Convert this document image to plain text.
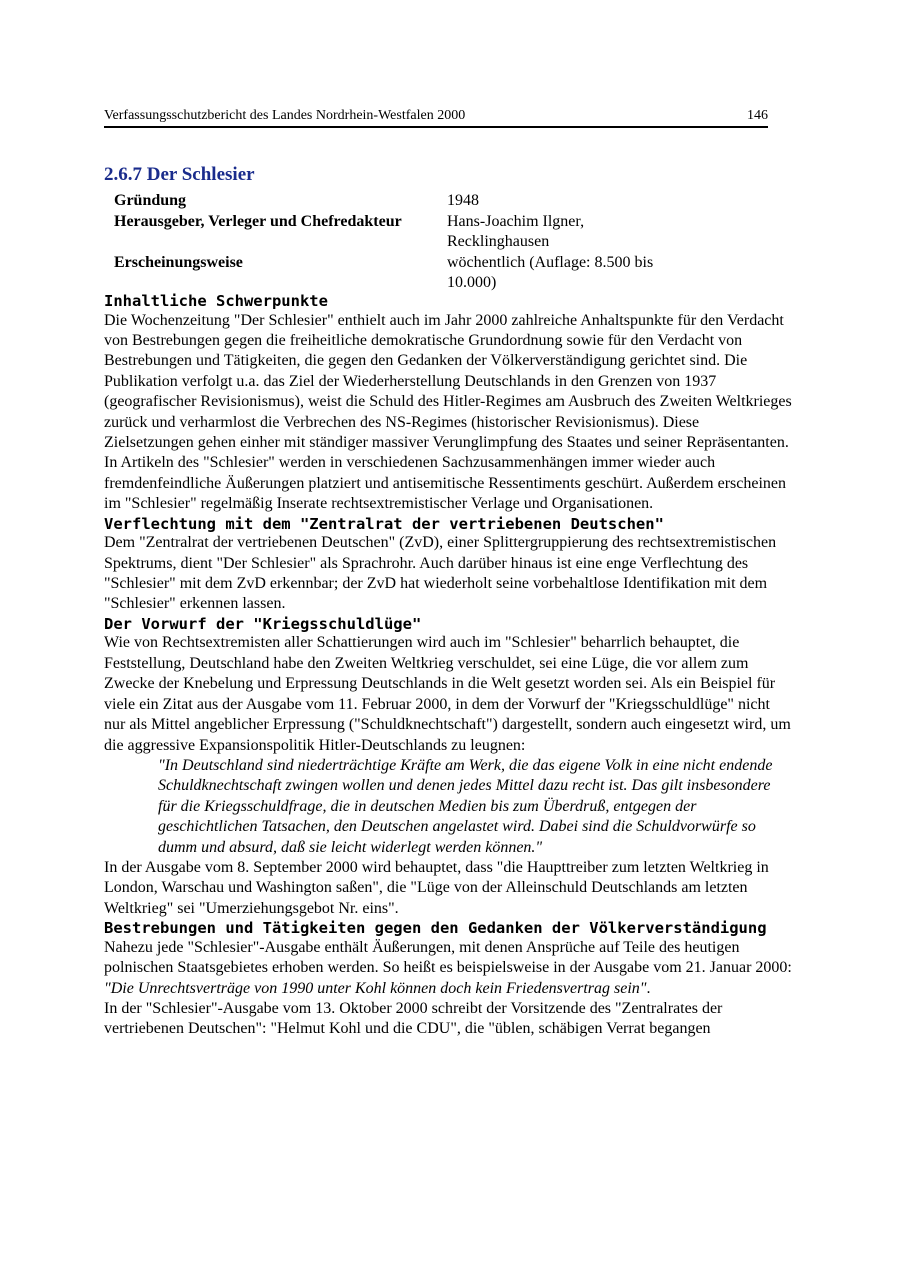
Verfassungsschutzbericht des Landes Nordrhein-Westfalen 2000	146
2.6.7 Der Schlesier
Gründung	1948
Herausgeber, Verleger und Chefredakteur	Hans-Joachim Ilgner, Recklinghausen
Erscheinungsweise	wöchentlich (Auflage: 8.500 bis 10.000)
Inhaltliche Schwerpunkte

Die Wochenzeitung "Der Schlesier" enthielt auch im Jahr 2000 zahlreiche Anhaltspunkte für den Verdacht von Bestrebungen gegen die freiheitliche demokratische Grundordnung sowie für den Verdacht von Bestrebungen und Tätigkeiten, die gegen den Gedanken der Völkerverständigung gerichtet sind. Die Publikation verfolgt u.a. das Ziel der Wiederherstellung Deutschlands in den Grenzen von 1937 (geografischer Revisionismus), weist die Schuld des Hitler-Regimes am Ausbruch des Zweiten Weltkrieges zurück und verharmlost die Verbrechen des NS-Regimes (historischer Revisionismus). Diese Zielsetzungen gehen einher mit ständiger massiver Verunglimpfung des Staates und seiner Repräsentanten. In Artikeln des "Schlesier" werden in verschiedenen Sachzusammenhängen immer wieder auch fremdenfeindliche Äußerungen platziert und antisemitische Ressentiments geschürt. Außerdem erscheinen im "Schlesier" regelmäßig Inserate rechtsextremistischer Verlage und Organisationen.

Verflechtung mit dem "Zentralrat der vertriebenen Deutschen"

Dem "Zentralrat der vertriebenen Deutschen" (ZvD), einer Splittergruppierung des rechtsextremistischen Spektrums, dient "Der Schlesier" als Sprachrohr. Auch darüber hinaus ist eine enge Verflechtung des "Schlesier" mit dem ZvD erkennbar; der ZvD hat wiederholt seine vorbehaltlose Identifikation mit dem "Schlesier" erkennen lassen.

Der Vorwurf der "Kriegsschuldlüge"

Wie von Rechtsextremisten aller Schattierungen wird auch im "Schlesier" beharrlich behauptet, die Feststellung, Deutschland habe den Zweiten Weltkrieg verschuldet, sei eine Lüge, die vor allem zum Zwecke der Knebelung und Erpressung Deutschlands in die Welt gesetzt worden sei. Als ein Beispiel für viele ein Zitat aus der Ausgabe vom 11. Februar 2000, in dem der Vorwurf der "Kriegsschuldlüge" nicht nur als Mittel angeblicher Erpressung ("Schuldknechtschaft") dargestellt, sondern auch eingesetzt wird, um die aggressive Expansionspolitik Hitler-Deutschlands zu leugnen:

"In Deutschland sind niederträchtige Kräfte am Werk, die das eigene Volk in eine nicht endende Schuldknechtschaft zwingen wollen und denen jedes Mittel dazu recht ist. Das gilt insbesondere für die Kriegsschuldfrage, die in deutschen Medien bis zum Überdruß, entgegen der geschichtlichen Tatsachen, den Deutschen angelastet wird. Dabei sind die Schuldvorwürfe so dumm und absurd, daß sie leicht widerlegt werden können."

In der Ausgabe vom 8. September 2000 wird behauptet, dass "die Haupttreiber zum letzten Weltkrieg in London, Warschau und Washington saßen", die "Lüge von der Alleinschuld Deutschlands am letzten Weltkrieg" sei "Umerziehungsgebot Nr. eins".

Bestrebungen und Tätigkeiten gegen den Gedanken der Völkerverständigung

Nahezu jede "Schlesier"-Ausgabe enthält Äußerungen, mit denen Ansprüche auf Teile des heutigen polnischen Staatsgebietes erhoben werden. So heißt es beispielsweise in der Ausgabe vom 21. Januar 2000: "Die Unrechtsverträge von 1990 unter Kohl können doch kein Friedensvertrag sein".

In der "Schlesier"-Ausgabe vom 13. Oktober 2000 schreibt der Vorsitzende des "Zentralrates der vertriebenen Deutschen": "Helmut Kohl und die CDU", die "üblen, schäbigen Verrat begangen
